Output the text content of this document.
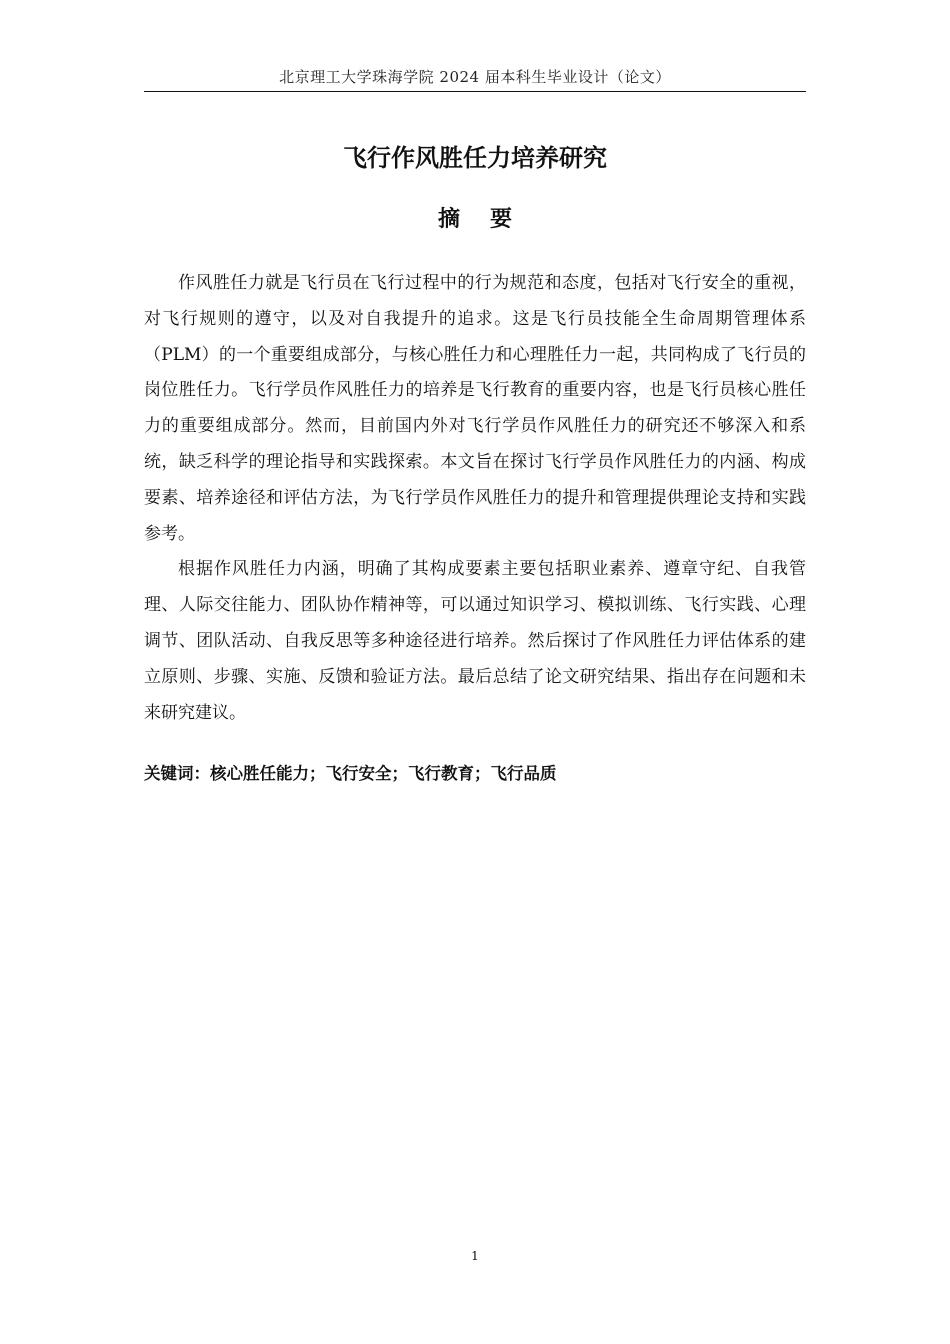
北京理工大学珠海学院 2024 届本科生毕业设计（论文）
飞行作风胜任力培养研究
摘 要

作风胜任力就是飞行员在飞行过程中的行为规范和态度，包括对飞行安全的重视，对飞行规则的遵守，以及对自我提升的追求。这是飞行员技能全生命周期管理体系（PLM）的一个重要组成部分，与核心胜任力和心理胜任力一起，共同构成了飞行员的岗位胜任力。飞行学员作风胜任力的培养是飞行教育的重要内容，也是飞行员核心胜任力的重要组成部分。然而，目前国内外对飞行学员作风胜任力的研究还不够深入和系统，缺乏科学的理论指导和实践探索。本文旨在探讨飞行学员作风胜任力的内涵、构成要素、培养途径和评估方法，为飞行学员作风胜任力的提升和管理提供理论支持和实践参考。

根据作风胜任力内涵，明确了其构成要素主要包括职业素养、遵章守纪、自我管理、人际交往能力、团队协作精神等，可以通过知识学习、模拟训练、飞行实践、心理调节、团队活动、自我反思等多种途径进行培养。然后探讨了作风胜任力评估体系的建立原则、步骤、实施、反馈和验证方法。最后总结了论文研究结果、指出存在问题和未来研究建议。

关键词：核心胜任能力；飞行安全；飞行教育；飞行品质
1
